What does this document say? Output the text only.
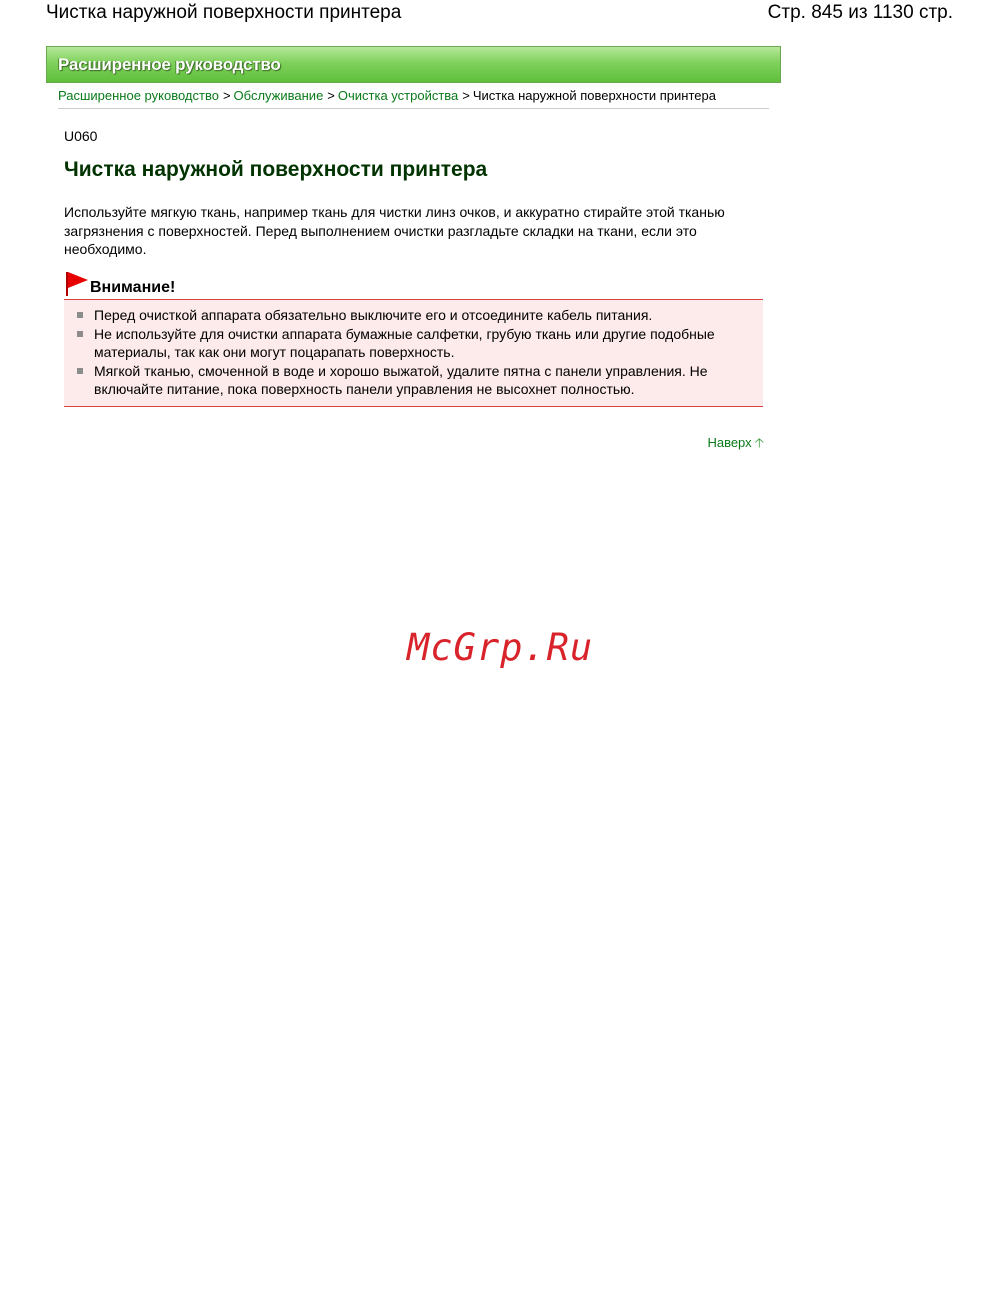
Чистка наружной поверхности принтера	Стр. 845 из 1130 стр.
Расширенное руководство
Расширенное руководство > Обслуживание > Очистка устройства > Чистка наружной поверхности принтера
U060
Чистка наружной поверхности принтера

Используйте мягкую ткань, например ткань для чистки линз очков, и аккуратно стирайте этой тканью загрязнения с поверхностей. Перед выполнением очистки разгладьте складки на ткани, если это необходимо.

Внимание!
Перед очисткой аппарата обязательно выключите его и отсоедините кабель питания.
Не используйте для очистки аппарата бумажные салфетки, грубую ткань или другие подобные материалы, так как они могут поцарапать поверхность.
Мягкой тканью, смоченной в воде и хорошо выжатой, удалите пятна с панели управления. Не включайте питание, пока поверхность панели управления не высохнет полностью.
Наверх 🡡
McGrp.Ru
